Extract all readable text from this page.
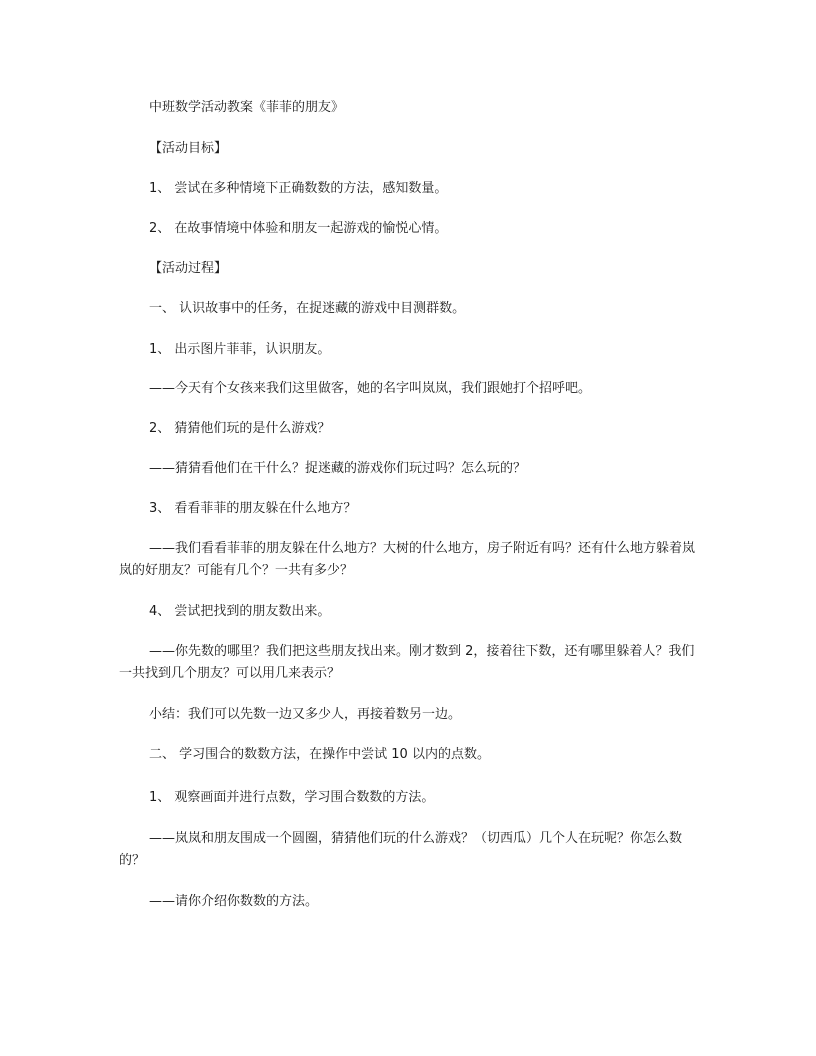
中班数学活动教案《菲菲的朋友》

【活动目标】

1、 尝试在多种情境下正确数数的方法，感知数量。

2、 在故事情境中体验和朋友一起游戏的愉悦心情。

【活动过程】

一、 认识故事中的任务，在捉迷藏的游戏中目测群数。

1、 出示图片菲菲，认识朋友。

——今天有个女孩来我们这里做客，她的名字叫岚岚，我们跟她打个招呼吧。

2、 猜猜他们玩的是什么游戏？

——猜猜看他们在干什么？捉迷藏的游戏你们玩过吗？怎么玩的？

3、 看看菲菲的朋友躲在什么地方？

——我们看看菲菲的朋友躲在什么地方？大树的什么地方，房子附近有吗？还有什么地方躲着岚岚的好朋友？可能有几个？一共有多少？

4、 尝试把找到的朋友数出来。

——你先数的哪里？我们把这些朋友找出来。刚才数到 2，接着往下数，还有哪里躲着人？我们一共找到几个朋友？可以用几来表示？

小结：我们可以先数一边又多少人，再接着数另一边。

二、 学习围合的数数方法，在操作中尝试 10 以内的点数。

1、 观察画面并进行点数，学习围合数数的方法。

——岚岚和朋友围成一个圆圈，猜猜他们玩的什么游戏？（切西瓜）几个人在玩呢？你怎么数的？

——请你介绍你数数的方法。
